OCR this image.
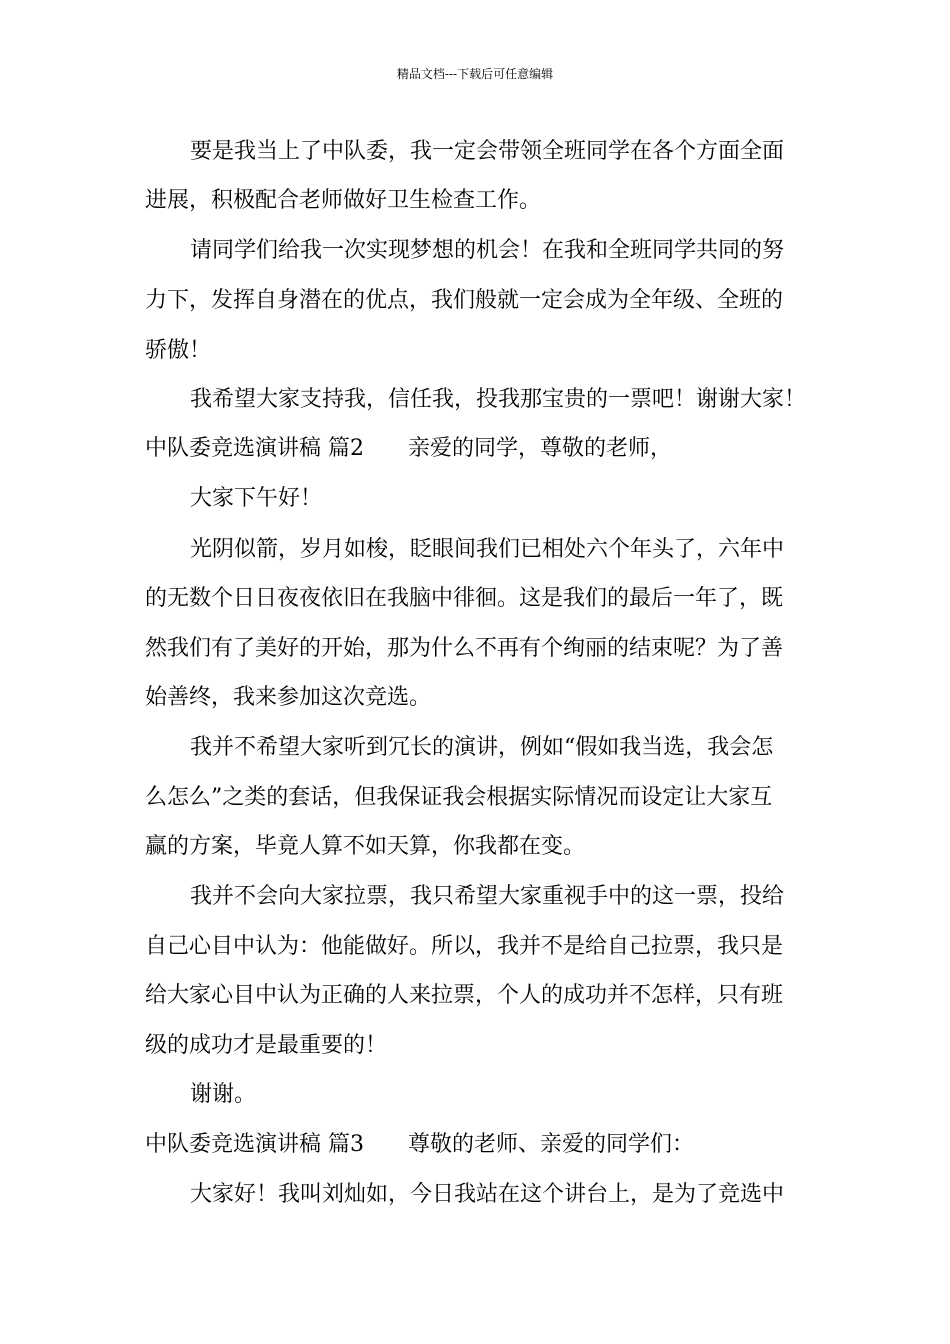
精品文档---下载后可任意编辑
要是我当上了中队委，我一定会带领全班同学在各个方面全面
进展，积极配合老师做好卫生检查工作。
请同学们给我一次实现梦想的机会！在我和全班同学共同的努
力下，发挥自身潜在的优点，我们般就一定会成为全年级、全班的
骄傲！
我希望大家支持我，信任我，投我那宝贵的一票吧！谢谢大家！
中队委竞选演讲稿 篇2 亲爱的同学，尊敬的老师，
大家下午好！
光阴似箭，岁月如梭，眨眼间我们已相处六个年头了，六年中
的无数个日日夜夜依旧在我脑中徘徊。这是我们的最后一年了，既
然我们有了美好的开始，那为什么不再有个绚丽的结束呢？为了善
始善终，我来参加这次竞选。
我并不希望大家听到冗长的演讲，例如“假如我当选，我会怎
么怎么”之类的套话，但我保证我会根据实际情况而设定让大家互
赢的方案，毕竟人算不如天算，你我都在变。
我并不会向大家拉票，我只希望大家重视手中的这一票，投给
自己心目中认为：他能做好。所以，我并不是给自己拉票，我只是
给大家心目中认为正确的人来拉票，个人的成功并不怎样，只有班
级的成功才是最重要的！
谢谢。
中队委竞选演讲稿 篇3 尊敬的老师、亲爱的同学们：
大家好！我叫刘灿如，今日我站在这个讲台上，是为了竞选中
